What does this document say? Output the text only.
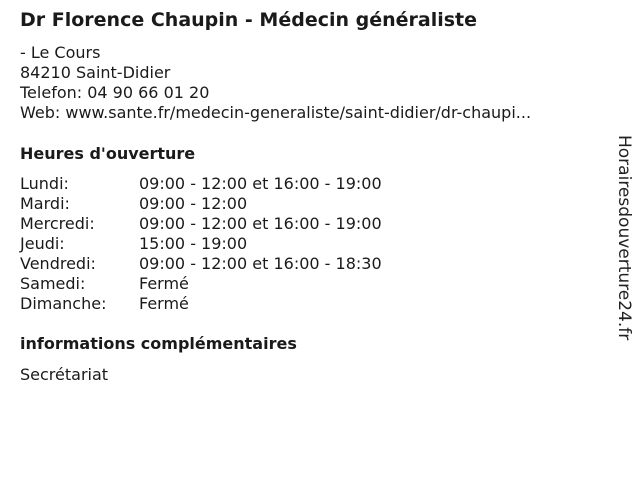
Dr Florence Chaupin - Médecin généraliste
- Le Cours
84210 Saint-Didier
Telefon: 04 90 66 01 20
Web: www.sante.fr/medecin-generaliste/saint-didier/dr-chaupi...
Heures d'ouverture
Lundi:	09:00 - 12:00 et 16:00 - 19:00
Mardi:	09:00 - 12:00
Mercredi:	09:00 - 12:00 et 16:00 - 19:00
Jeudi:	15:00 - 19:00
Vendredi:	09:00 - 12:00 et 16:00 - 18:30
Samedi:	Fermé
Dimanche:	Fermé
informations complémentaires
Secrétariat
Horairesdouverture24.fr
